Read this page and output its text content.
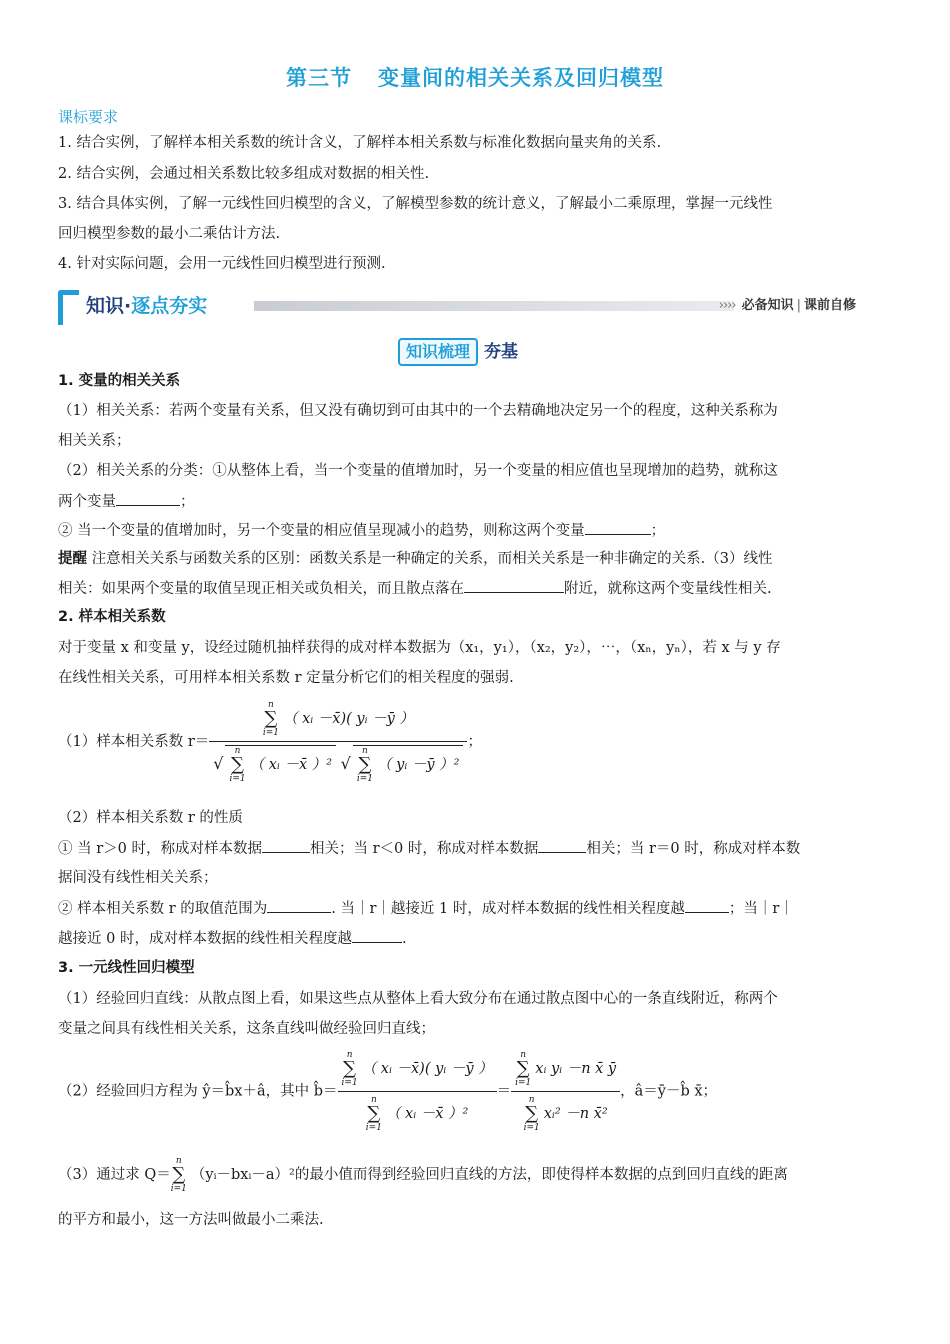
第三节 变量间的相关关系及回归模型
课标要求
1. 结合实例，了解样本相关系数的统计含义，了解样本相关系数与标准化数据向量夹角的关系.
2. 结合实例，会通过相关系数比较多组成对数据的相关性.
3. 结合具体实例，了解一元线性回归模型的含义，了解模型参数的统计意义，了解最小二乘原理，掌握一元线性
回归模型参数的最小二乘估计方法.
4. 针对实际问题，会用一元线性回归模型进行预测.
知识·逐点夯实	›››› 必备知识 | 课前自修
知识梳理 夯基
1. 变量的相关关系
（1）相关关系：若两个变量有关系，但又没有确切到可由其中的一个去精确地决定另一个的程度，这种关系称为
相关关系；
（2）相关关系的分类：①从整体上看，当一个变量的值增加时，另一个变量的相应值也呈现增加的趋势，就称这
两个变量	；
② 当一个变量的值增加时，另一个变量的相应值呈现减小的趋势，则称这两个变量	；
提醒 注意相关关系与函数关系的区别：函数关系是一种确定的关系，而相关关系是一种非确定的关系.（3）线性
相关：如果两个变量的取值呈现正相关或负相关，而且散点落在	附近，就称这两个变量线性相关.
2. 样本相关系数
对于变量 x 和变量 y，设经过随机抽样获得的成对样本数据为（x₁，y₁），（x₂，y₂），⋯，（xₙ，yₙ），若 x 与 y 存
在线性相关关系，可用样本相关系数 r 定量分析它们的相关程度的强弱.
（1）样本相关系数 r＝ n
∑
i=1
（ xᵢ －x̄)( yᵢ －ȳ ）
√
n
∑
i=1
（ xᵢ －x̄ ）² √
n
∑
i=1
（ yᵢ －ȳ ）² ；
（2）样本相关系数 r 的性质
① 当 r＞0 时，称成对样本数据	相关；当 r＜0 时，称成对样本数据	相关；当 r＝0 时，称成对样本数
据间没有线性相关关系；
② 样本相关系数 r 的取值范围为	. 当｜r｜越接近 1 时，成对样本数据的线性相关程度越	；当｜r｜
越接近 0 时，成对样本数据的线性相关程度越	.
3. 一元线性回归模型
（1）经验回归直线：从散点图上看，如果这些点从整体上看大致分布在通过散点图中心的一条直线附近，称两个
变量之间具有线性相关关系，这条直线叫做经验回归直线；
（2）经验回归方程为 ŷ＝b̂x＋â，其中 b̂＝ n
∑
i=1
（ xᵢ －x̄)( yᵢ －ȳ ）
n
∑
i=1
（ xᵢ －x̄ ）² ＝ n
∑
i=1
xᵢ yᵢ －n x̄ ȳ
n
∑
i=1
xᵢ² －n x̄² ，â＝ȳ－b̂ x̄；
（3）通过求 Q＝
n
∑
i=1
（yᵢ－bxᵢ－a）²的最小值而得到经验回归直线的方法，即使得样本数据的点到回归直线的距离
的平方和最小，这一方法叫做最小二乘法.
